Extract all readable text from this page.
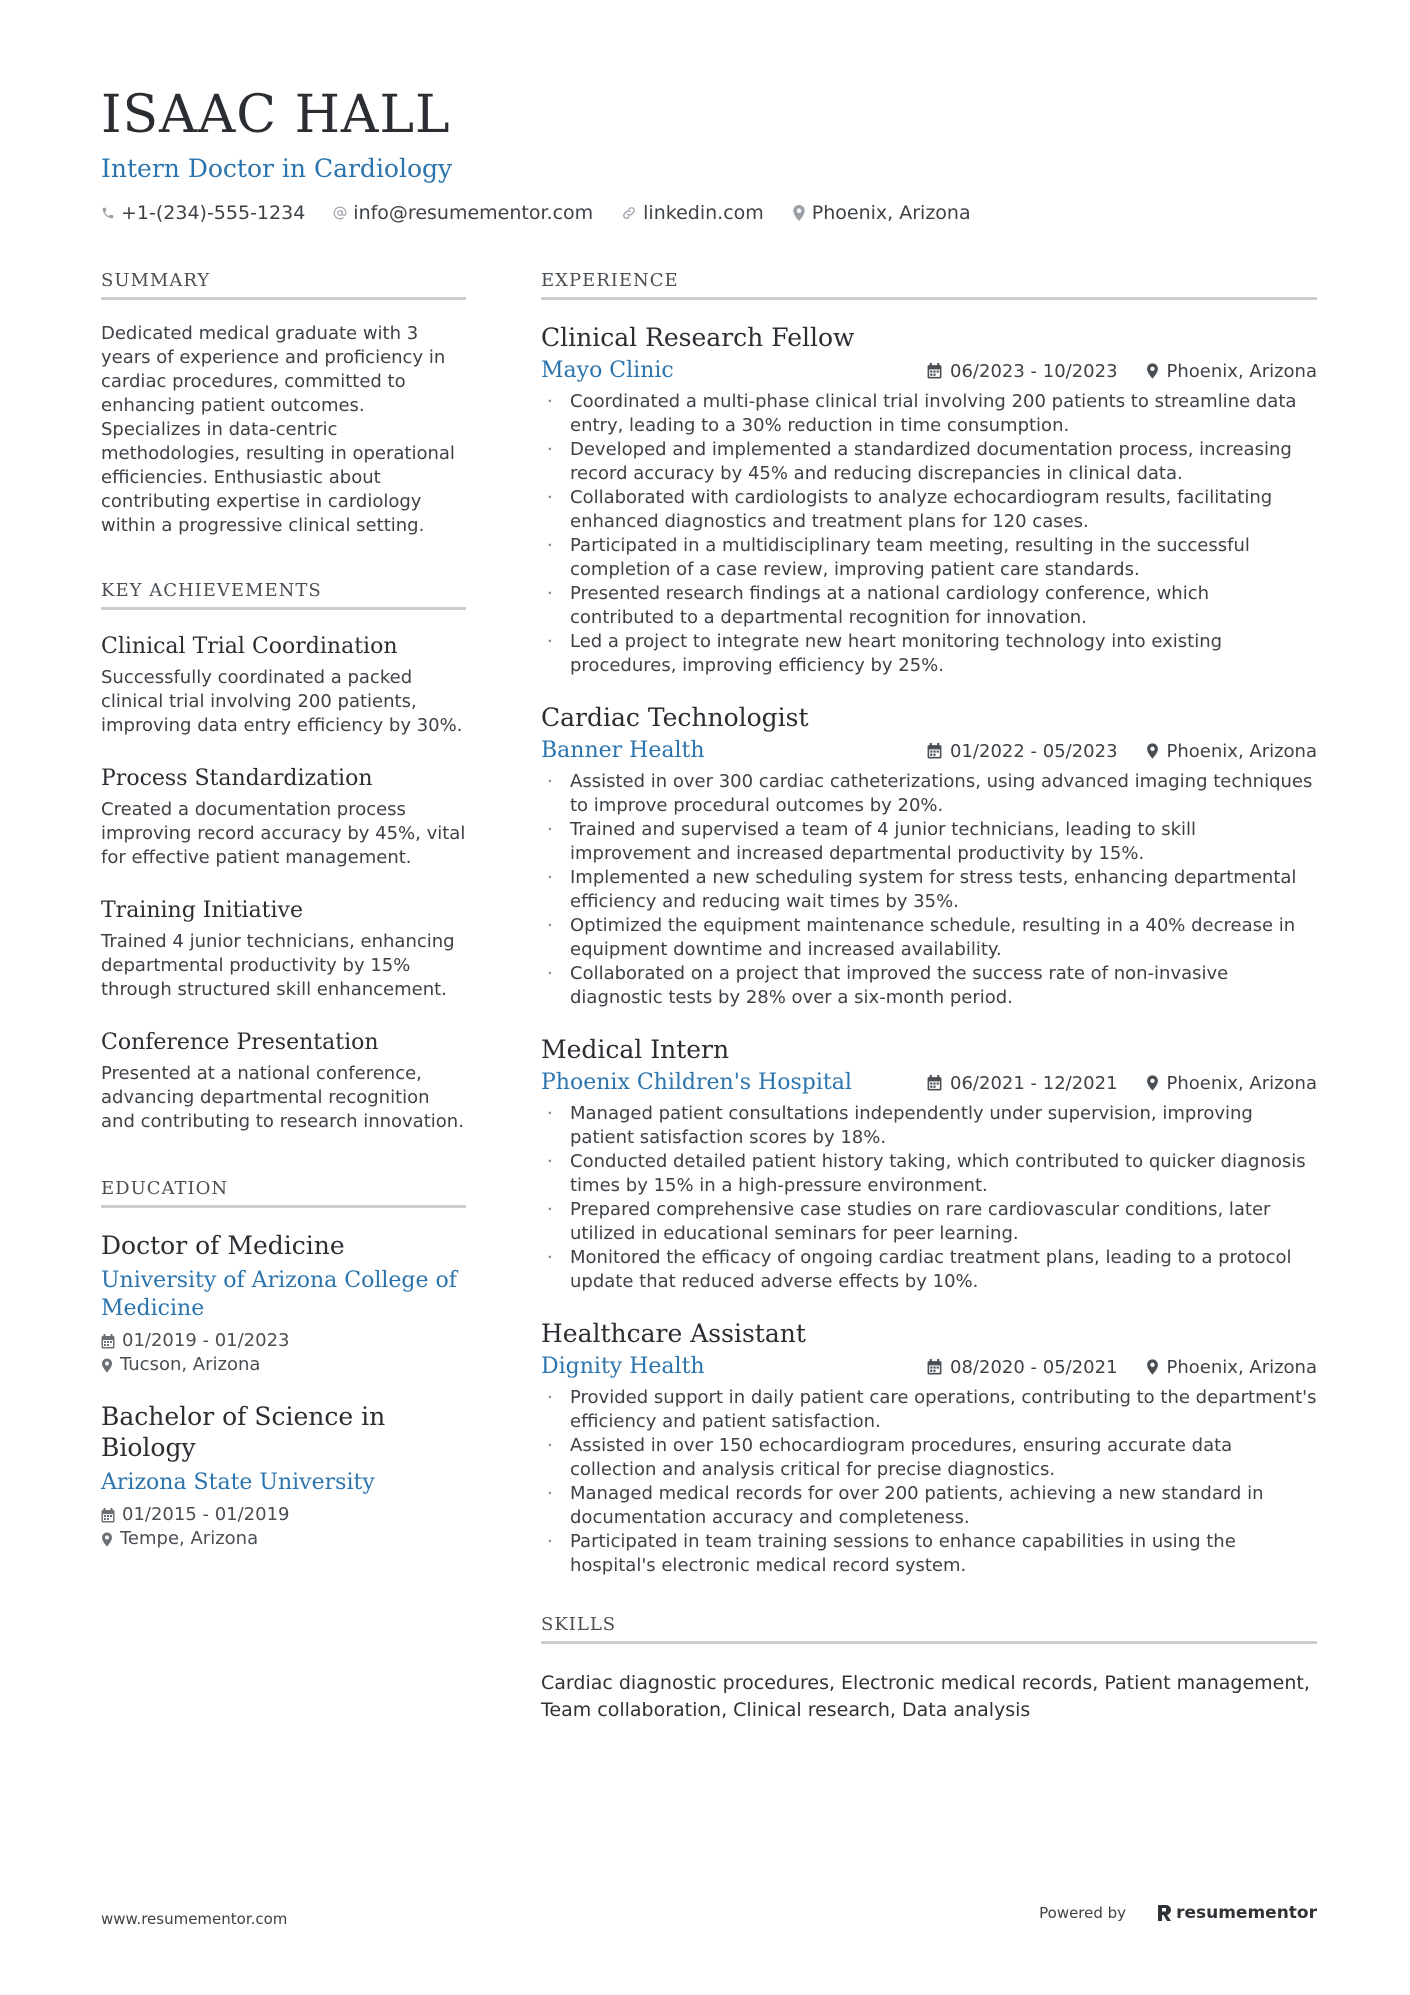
ISAAC HALL
Intern Doctor in Cardiology
+1-(234)-555-1234	info@resumementor.com	linkedin.com	Phoenix, Arizona
SUMMARY
Dedicated medical graduate with 3 years of experience and proficiency in cardiac procedures, committed to enhancing patient outcomes. Specializes in data-centric methodologies, resulting in operational efficiencies. Enthusiastic about contributing expertise in cardiology within a progressive clinical setting.
KEY ACHIEVEMENTS
Clinical Trial Coordination
Successfully coordinated a packed clinical trial involving 200 patients, improving data entry efficiency by 30%.
Process Standardization
Created a documentation process improving record accuracy by 45%, vital for effective patient management.
Training Initiative
Trained 4 junior technicians, enhancing departmental productivity by 15% through structured skill enhancement.
Conference Presentation
Presented at a national conference, advancing departmental recognition and contributing to research innovation.
EDUCATION
Doctor of Medicine
University of Arizona College of Medicine
01/2019 - 01/2023
Tucson, Arizona
Bachelor of Science in Biology
Arizona State University
01/2015 - 01/2019
Tempe, Arizona
EXPERIENCE
Clinical Research Fellow
Mayo Clinic	06/2023 - 10/2023	Phoenix, Arizona
· Coordinated a multi-phase clinical trial involving 200 patients to streamline data entry, leading to a 30% reduction in time consumption.
· Developed and implemented a standardized documentation process, increasing record accuracy by 45% and reducing discrepancies in clinical data.
· Collaborated with cardiologists to analyze echocardiogram results, facilitating enhanced diagnostics and treatment plans for 120 cases.
· Participated in a multidisciplinary team meeting, resulting in the successful completion of a case review, improving patient care standards.
· Presented research findings at a national cardiology conference, which contributed to a departmental recognition for innovation.
· Led a project to integrate new heart monitoring technology into existing procedures, improving efficiency by 25%.
Cardiac Technologist
Banner Health	01/2022 - 05/2023	Phoenix, Arizona
· Assisted in over 300 cardiac catheterizations, using advanced imaging techniques to improve procedural outcomes by 20%.
· Trained and supervised a team of 4 junior technicians, leading to skill improvement and increased departmental productivity by 15%.
· Implemented a new scheduling system for stress tests, enhancing departmental efficiency and reducing wait times by 35%.
· Optimized the equipment maintenance schedule, resulting in a 40% decrease in equipment downtime and increased availability.
· Collaborated on a project that improved the success rate of non-invasive diagnostic tests by 28% over a six-month period.
Medical Intern
Phoenix Children's Hospital	06/2021 - 12/2021	Phoenix, Arizona
· Managed patient consultations independently under supervision, improving patient satisfaction scores by 18%.
· Conducted detailed patient history taking, which contributed to quicker diagnosis times by 15% in a high-pressure environment.
· Prepared comprehensive case studies on rare cardiovascular conditions, later utilized in educational seminars for peer learning.
· Monitored the efficacy of ongoing cardiac treatment plans, leading to a protocol update that reduced adverse effects by 10%.
Healthcare Assistant
Dignity Health	08/2020 - 05/2021	Phoenix, Arizona
· Provided support in daily patient care operations, contributing to the department's efficiency and patient satisfaction.
· Assisted in over 150 echocardiogram procedures, ensuring accurate data collection and analysis critical for precise diagnostics.
· Managed medical records for over 200 patients, achieving a new standard in documentation accuracy and completeness.
· Participated in team training sessions to enhance capabilities in using the hospital's electronic medical record system.
SKILLS
Cardiac diagnostic procedures, Electronic medical records, Patient management, Team collaboration, Clinical research, Data analysis
www.resumementor.com	Powered by	resumementor
